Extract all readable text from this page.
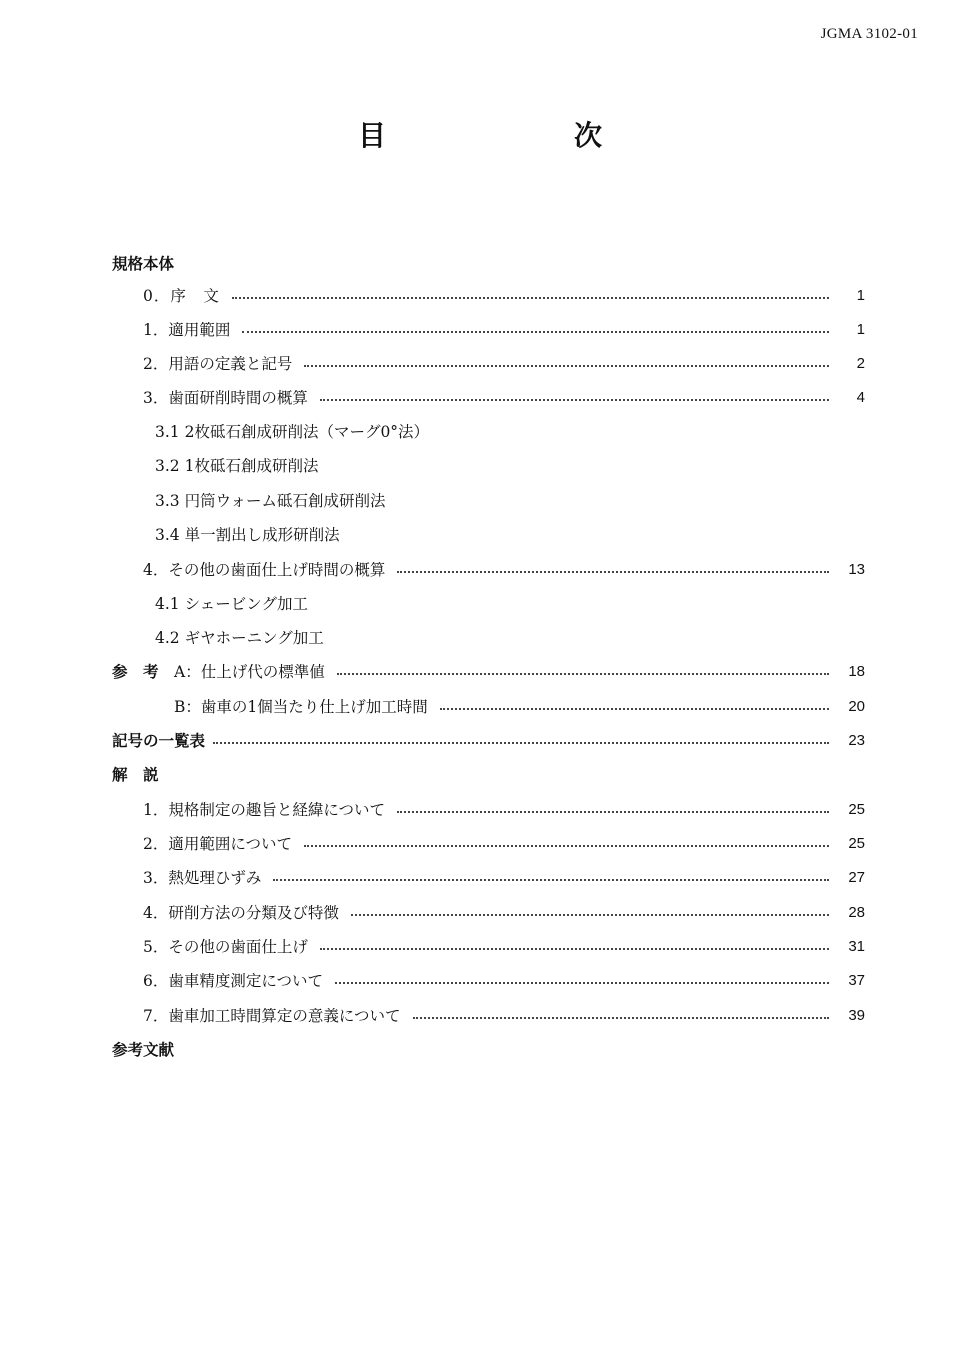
JGMA 3102-01
目　次
規格本体
0．序　文	1
1．適用範囲	1
2．用語の定義と記号	2
3．歯面研削時間の概算	4
3.1 2枚砥石創成研削法（マーグ0°法）
3.2 1枚砥石創成研削法
3.3 円筒ウォーム砥石創成研削法
3.4 単一割出し成形研削法
4．その他の歯面仕上げ時間の概算	13
4.1 シェービング加工
4.2 ギヤホーニング加工
参　考 A：仕上げ代の標準値	18
B：歯車の1個当たり仕上げ加工時間	20
記号の一覧表	23
解　説
1．規格制定の趣旨と経緯について	25
2．適用範囲について	25
3．熱処理ひずみ	27
4．研削方法の分類及び特徴	28
5．その他の歯面仕上げ	31
6．歯車精度測定について	37
7．歯車加工時間算定の意義について	39
参考文献
